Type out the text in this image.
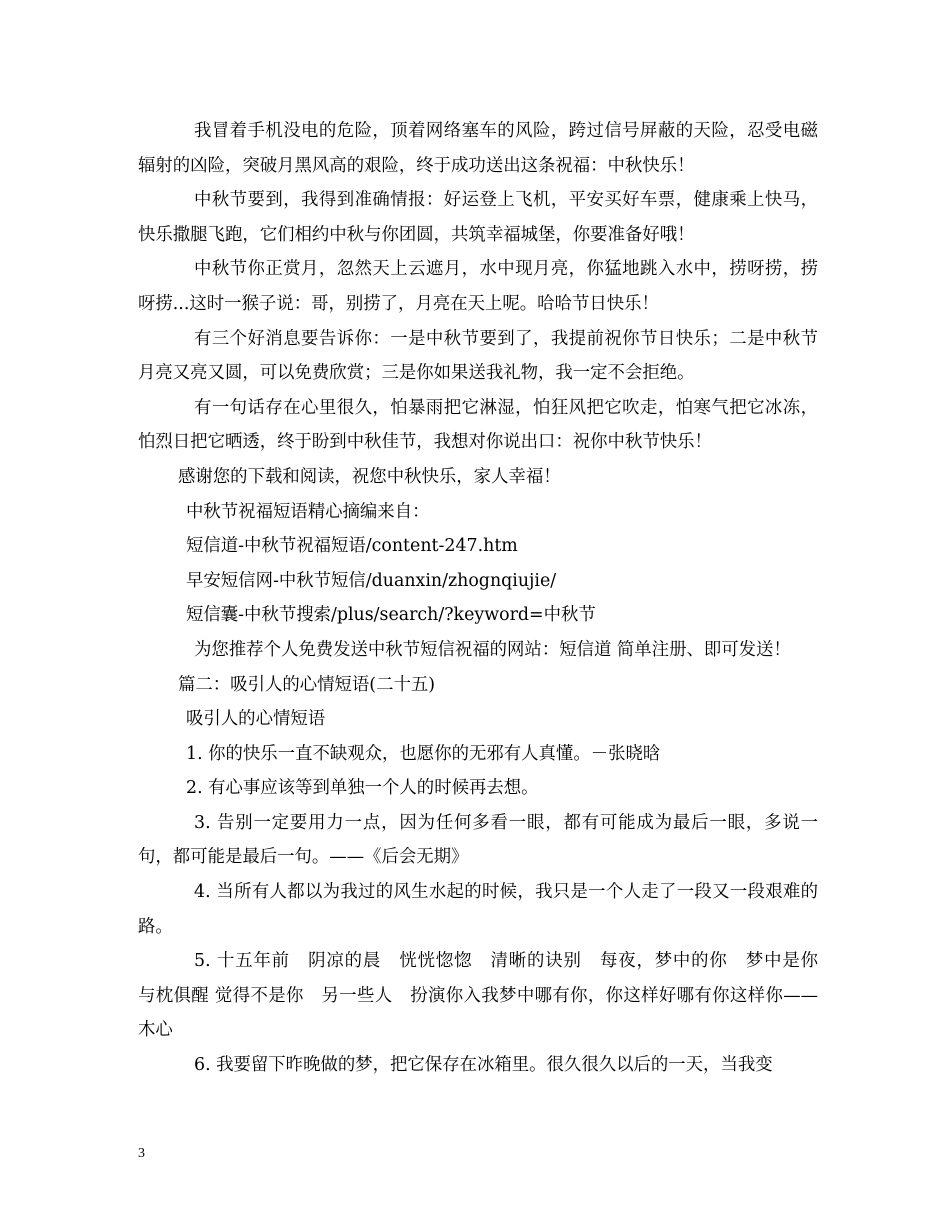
我冒着手机没电的危险，顶着网络塞车的风险，跨过信号屏蔽的天险，忍受电磁辐射的凶险，突破月黑风高的艰险，终于成功送出这条祝福：中秋快乐！

中秋节要到，我得到准确情报：好运登上飞机，平安买好车票，健康乘上快马，快乐撒腿飞跑，它们相约中秋与你团圆，共筑幸福城堡，你要准备好哦！

中秋节你正赏月，忽然天上云遮月，水中现月亮，你猛地跳入水中，捞呀捞，捞呀捞...这时一猴子说：哥，别捞了，月亮在天上呢。哈哈节日快乐！

有三个好消息要告诉你：一是中秋节要到了，我提前祝你节日快乐；二是中秋节月亮又亮又圆，可以免费欣赏；三是你如果送我礼物，我一定不会拒绝。

有一句话存在心里很久，怕暴雨把它淋湿，怕狂风把它吹走，怕寒气把它冰冻，怕烈日把它晒透，终于盼到中秋佳节，我想对你说出口：祝你中秋节快乐！

感谢您的下载和阅读，祝您中秋快乐，家人幸福！

中秋节祝福短语精心摘编来自：

短信道-中秋节祝福短语/content-247.htm

早安短信网-中秋节短信/duanxin/zhognqiujie/

短信囊-中秋节搜索/plus/search/?keyword=中秋节

为您推荐个人免费发送中秋节短信祝福的网站：短信道 简单注册、即可发送！

篇二：吸引人的心情短语(二十五)

吸引人的心情短语

1. 你的快乐一直不缺观众，也愿你的无邪有人真懂。－张晓晗

2. 有心事应该等到单独一个人的时候再去想。

3. 告别一定要用力一点，因为任何多看一眼，都有可能成为最后一眼，多说一句，都可能是最后一句。——《后会无期》

4. 当所有人都以为我过的风生水起的时候，我只是一个人走了一段又一段艰难的路。

5. 十五年前　阴凉的晨　恍恍惚惚　清晰的诀别　每夜，梦中的你　梦中是你　与枕俱醒 觉得不是你　另一些人　扮演你入我梦中哪有你，你这样好哪有你这样你——木心

6. 我要留下昨晚做的梦，把它保存在冰箱里。很久很久以后的一天，当我变

3
